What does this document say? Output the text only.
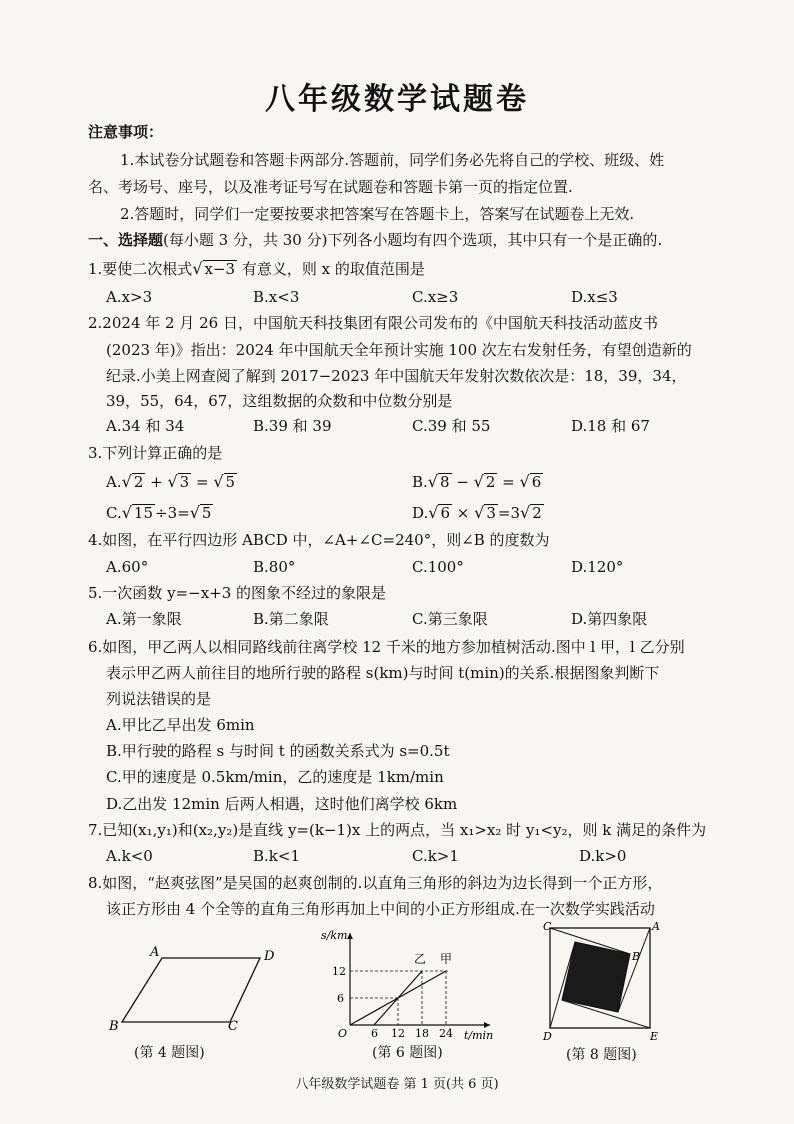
八年级数学试题卷
注意事项：
1.本试卷分试题卷和答题卡两部分.答题前，同学们务必先将自己的学校、班级、姓
名、考场号、座号，以及准考证号写在试题卷和答题卡第一页的指定位置.
2.答题时，同学们一定要按要求把答案写在答题卡上，答案写在试题卷上无效.
一、选择题(每小题 3 分，共 30 分)下列各小题均有四个选项，其中只有一个是正确的.
1.要使二次根式√ x−3 有意义，则 x 的取值范围是
A.x>3	B.x<3	C.x≥3	D.x≤3
2.2024 年 2 月 26 日，中国航天科技集团有限公司发布的《中国航天科技活动蓝皮书
(2023 年)》指出：2024 年中国航天全年预计实施 100 次左右发射任务，有望创造新的
纪录.小美上网查阅了解到 2017−2023 年中国航天年发射次数依次是：18，39，34，
39，55，64，67，这组数据的众数和中位数分别是
A.34 和 34	B.39 和 39	C.39 和 55	D.18 和 67
3.下列计算正确的是
A.√ 2 + √ 3 = √ 5	B.√ 8 − √ 2 = √ 6
C.√ 15 ÷3=√ 5	D.√ 6 × √ 3 =3√ 2
4.如图，在平行四边形 ABCD 中，∠A+∠C=240°，则∠B 的度数为
A.60°	B.80°	C.100°	D.120°
5.一次函数 y=−x+3 的图象不经过的象限是
A.第一象限	B.第二象限	C.第三象限	D.第四象限
6.如图，甲乙两人以相同路线前往离学校 12 千米的地方参加植树活动.图中 l 甲，l 乙分别
表示甲乙两人前往目的地所行驶的路程 s(km)与时间 t(min)的关系.根据图象判断下
列说法错误的是
A.甲比乙早出发 6min
B.甲行驶的路程 s 与时间 t 的函数关系式为 s=0.5t
C.甲的速度是 0.5km/min，乙的速度是 1km/min
D.乙出发 12min 后两人相遇，这时他们离学校 6km
7.已知(x₁,y₁)和(x₂,y₂)是直线 y=(k−1)x 上的两点，当 x₁>x₂ 时 y₁<y₂，则 k 满足的条件为
A.k<0	B.k<1	C.k>1	D.k>0
8.如图，“赵爽弦图”是吴国的赵爽创制的.以直角三角形的斜边为边长得到一个正方形，
该正方形由 4 个全等的直角三角形再加上中间的小正方形组成.在一次数学实践活动
A	D
B	C
(第 4 题图)
s/km
t/min
O
6
12
6 12 18 24
乙 甲
(第 6 题图)
C	A
B
D	E
(第 8 题图)
八年级数学试题卷 第 1 页(共 6 页)
